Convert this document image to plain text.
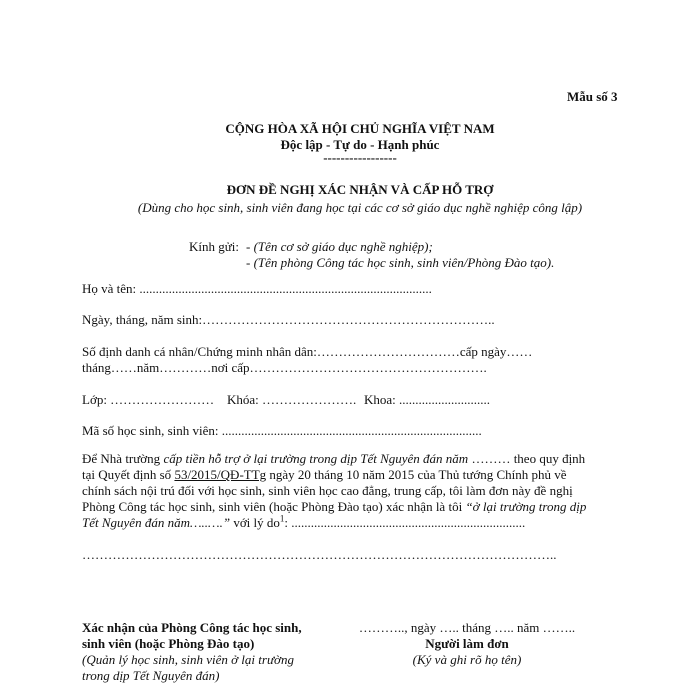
Mẫu số 3
CỘNG HÒA XÃ HỘI CHỦ NGHĨA VIỆT NAM
Độc lập - Tự do - Hạnh phúc
-----------------
ĐƠN ĐỀ NGHỊ XÁC NHẬN VÀ CẤP HỖ TRỢ
(Dùng cho học sinh, sinh viên đang học tại các cơ sở giáo dục nghề nghiệp công lập)
Kính gửi: - (Tên cơ sở giáo dục nghề nghiệp);
- (Tên phòng Công tác học sinh, sinh viên/Phòng Đào tạo).
Họ và tên: ..........................................................................................
Ngày, tháng, năm sinh:…………………………………………………………..
Số định danh cá nhân/Chứng minh nhân dân:……………………………cấp ngày……
tháng……năm…………nơi cấp……………………………………………….
Lớp: …………………… Khóa: …………………. Khoa: ............................
Mã số học sinh, sinh viên: ................................................................................
Để Nhà trường cấp tiền hỗ trợ ở lại trường trong dịp Tết Nguyên đán năm ……… theo quy định
tại Quyết định số 53/2015/QĐ-TTg ngày 20 tháng 10 năm 2015 của Thủ tướng Chính phủ về
chính sách nội trú đối với học sinh, sinh viên học cao đẳng, trung cấp, tôi làm đơn này đề nghị
Phòng Công tác học sinh, sinh viên (hoặc Phòng Đào tạo) xác nhận là tôi “ở lại trường trong dịp
Tết Nguyên đán năm…..….” với lý $do^1$: ........................................................................
………………………………………………………………………………………………..
Xác nhận của Phòng Công tác học sinh,
sinh viên (hoặc Phòng Đào tạo)
(Quản lý học sinh, sinh viên ở lại trường
trong dịp Tết Nguyên đán)
……….., ngày ….. tháng ….. năm ……..
Người làm đơn
(Ký và ghi rõ họ tên)
